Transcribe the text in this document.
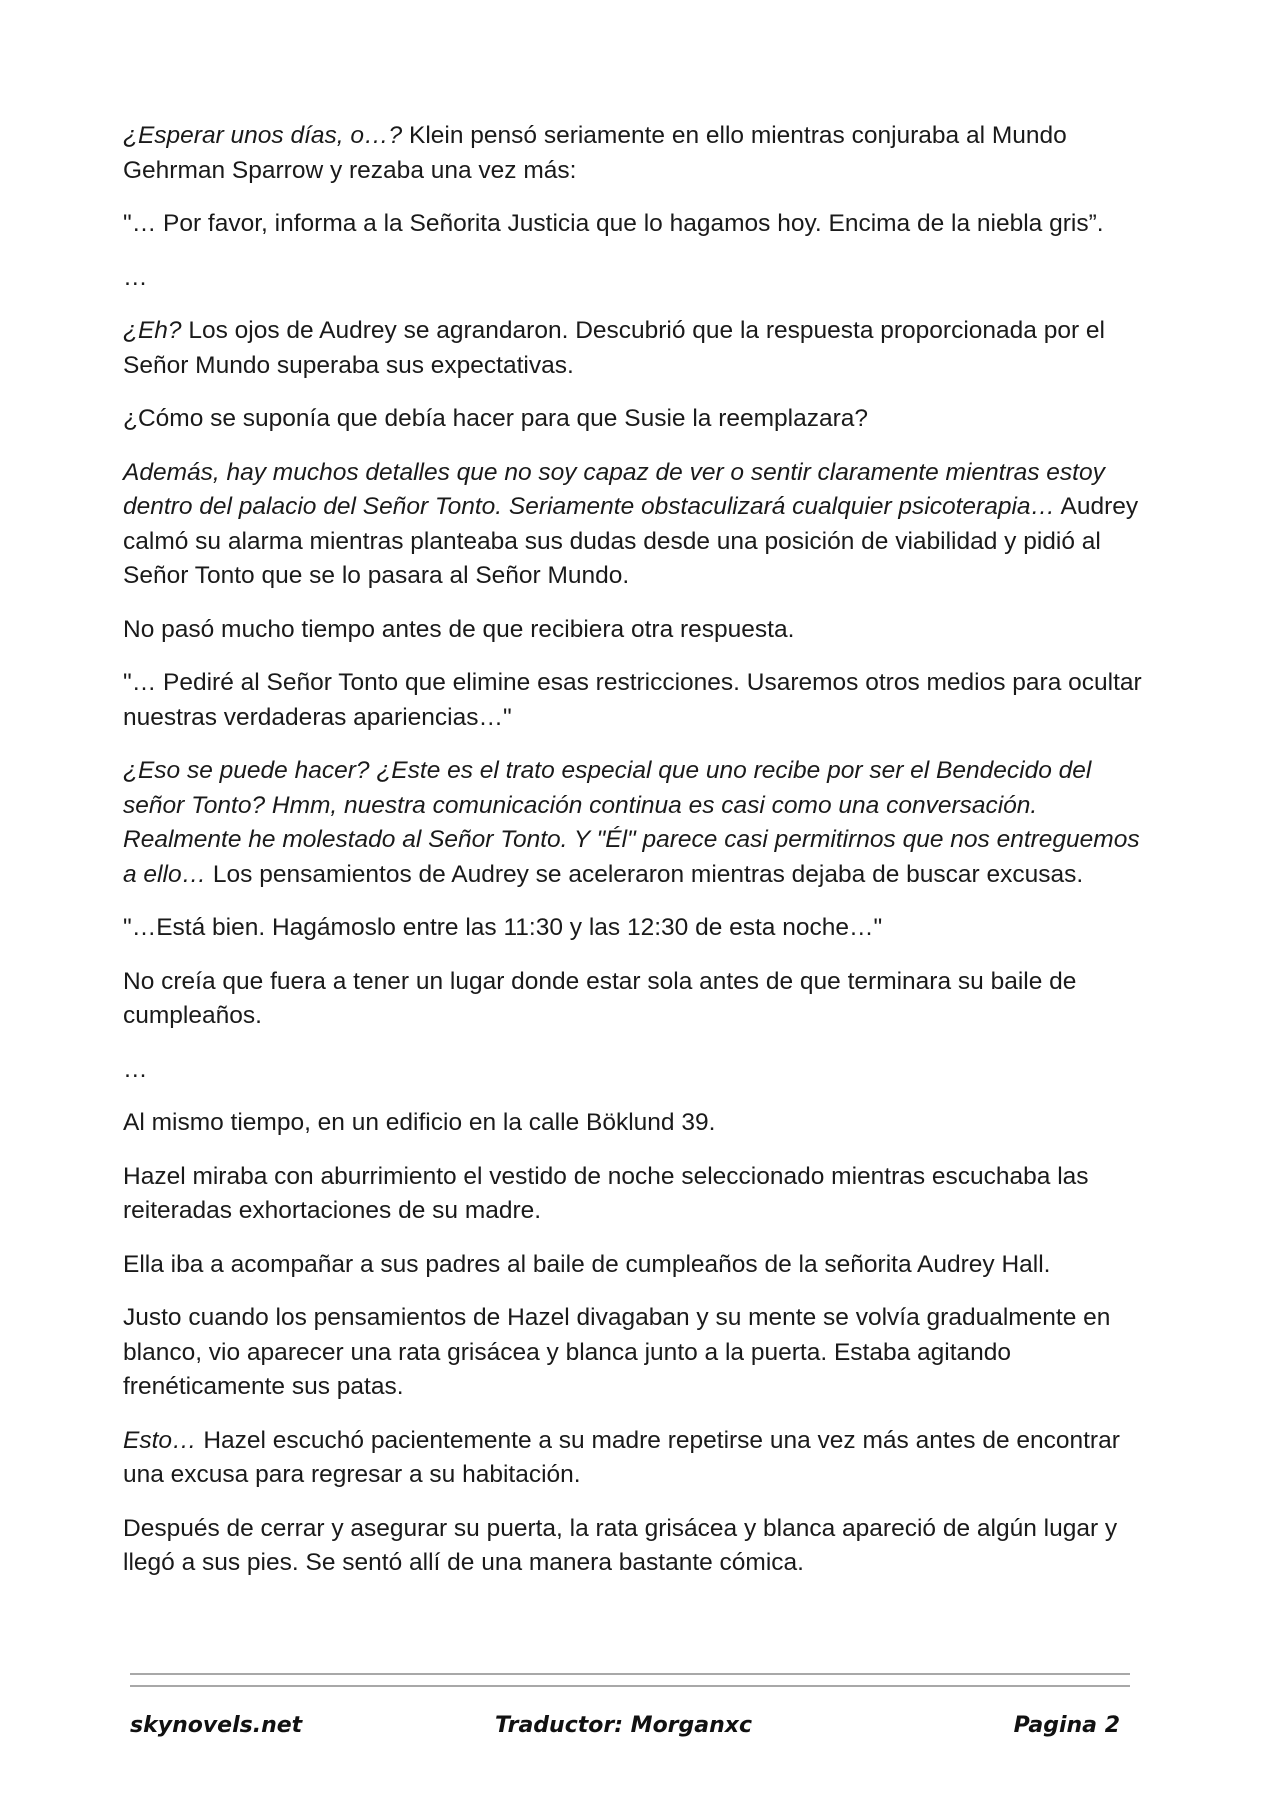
¿Esperar unos días, o…? Klein pensó seriamente en ello mientras conjuraba al Mundo Gehrman Sparrow y rezaba una vez más:

"… Por favor, informa a la Señorita Justicia que lo hagamos hoy. Encima de la niebla gris”.

…

¿Eh? Los ojos de Audrey se agrandaron. Descubrió que la respuesta proporcionada por el Señor Mundo superaba sus expectativas.

¿Cómo se suponía que debía hacer para que Susie la reemplazara?

Además, hay muchos detalles que no soy capaz de ver o sentir claramente mientras estoy dentro del palacio del Señor Tonto. Seriamente obstaculizará cualquier psicoterapia… Audrey calmó su alarma mientras planteaba sus dudas desde una posición de viabilidad y pidió al Señor Tonto que se lo pasara al Señor Mundo.

No pasó mucho tiempo antes de que recibiera otra respuesta.

"… Pediré al Señor Tonto que elimine esas restricciones. Usaremos otros medios para ocultar nuestras verdaderas apariencias…"

¿Eso se puede hacer? ¿Este es el trato especial que uno recibe por ser el Bendecido del señor Tonto? Hmm, nuestra comunicación continua es casi como una conversación. Realmente he molestado al Señor Tonto. Y "Él" parece casi permitirnos que nos entreguemos a ello… Los pensamientos de Audrey se aceleraron mientras dejaba de buscar excusas.

"…Está bien. Hagámoslo entre las 11:30 y las 12:30 de esta noche…"

No creía que fuera a tener un lugar donde estar sola antes de que terminara su baile de cumpleaños.

…

Al mismo tiempo, en un edificio en la calle Böklund 39.

Hazel miraba con aburrimiento el vestido de noche seleccionado mientras escuchaba las reiteradas exhortaciones de su madre.

Ella iba a acompañar a sus padres al baile de cumpleaños de la señorita Audrey Hall.

Justo cuando los pensamientos de Hazel divagaban y su mente se volvía gradualmente en blanco, vio aparecer una rata grisácea y blanca junto a la puerta. Estaba agitando frenéticamente sus patas.

Esto… Hazel escuchó pacientemente a su madre repetirse una vez más antes de encontrar una excusa para regresar a su habitación.

Después de cerrar y asegurar su puerta, la rata grisácea y blanca apareció de algún lugar y llegó a sus pies. Se sentó allí de una manera bastante cómica.

skynovels.net	Traductor: Morganxc	Pagina 2
